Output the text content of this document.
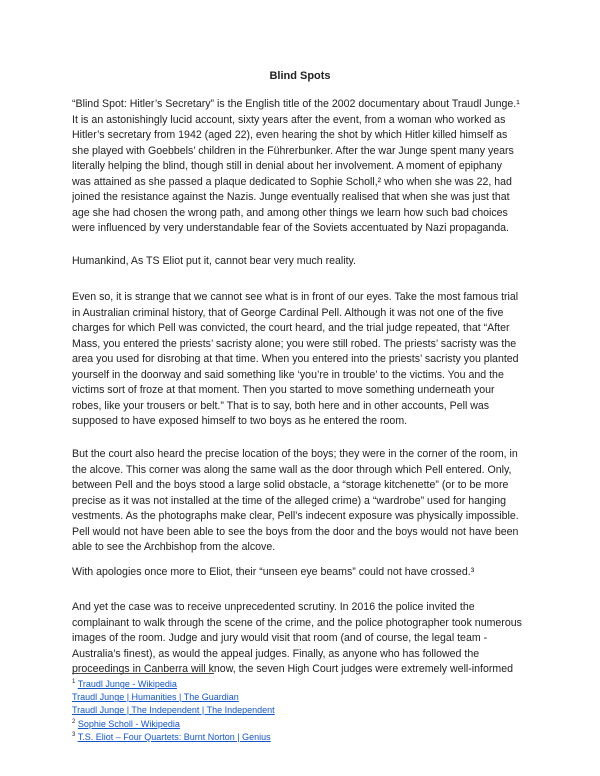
Blind Spots
“Blind Spot: Hitler’s Secretary” is the English title of the 2002 documentary about Traudl Junge.¹
It is an astonishingly lucid account, sixty years after the event, from a woman who worked as
Hitler’s secretary from 1942 (aged 22), even hearing the shot by which Hitler killed himself as
she played with Goebbels’ children in the Führerbunker. After the war Junge spent many years
literally helping the blind, though still in denial about her involvement. A moment of epiphany
was attained as she passed a plaque dedicated to Sophie Scholl,² who when she was 22, had
joined the resistance against the Nazis. Junge eventually realised that when she was just that
age she had chosen the wrong path, and among other things we learn how such bad choices
were influenced by very understandable fear of the Soviets accentuated by Nazi propaganda.
Humankind, As TS Eliot put it, cannot bear very much reality.
Even so, it is strange that we cannot see what is in front of our eyes. Take the most famous trial
in Australian criminal history, that of George Cardinal Pell. Although it was not one of the five
charges for which Pell was convicted, the court heard, and the trial judge repeated, that “After
Mass, you entered the priests’ sacristy alone; you were still robed. The priests’ sacristy was the
area you used for disrobing at that time. When you entered into the priests’ sacristy you planted
yourself in the doorway and said something like ‘you’re in trouble’ to the victims. You and the
victims sort of froze at that moment. Then you started to move something underneath your
robes, like your trousers or belt.” That is to say, both here and in other accounts, Pell was
supposed to have exposed himself to two boys as he entered the room.
But the court also heard the precise location of the boys; they were in the corner of the room, in
the alcove. This corner was along the same wall as the door through which Pell entered. Only,
between Pell and the boys stood a large solid obstacle, a “storage kitchenette” (or to be more
precise as it was not installed at the time of the alleged crime) a “wardrobe” used for hanging
vestments. As the photographs make clear, Pell’s indecent exposure was physically impossible.
Pell would not have been able to see the boys from the door and the boys would not have been
able to see the Archbishop from the alcove.
With apologies once more to Eliot, their “unseen eye beams” could not have crossed.³
And yet the case was to receive unprecedented scrutiny. In 2016 the police invited the
complainant to walk through the scene of the crime, and the police photographer took numerous
images of the room. Judge and jury would visit that room (and of course, the legal team -
Australia’s finest), as would the appeal judges. Finally, as anyone who has followed the
proceedings in Canberra will know, the seven High Court judges were extremely well-informed
$^1$ Traudl Junge - Wikipedia
Traudl Junge | Humanities | The Guardian
Traudl Junge | The Independent | The Independent
$^2$ Sophie Scholl - Wikipedia
$^3$ T.S. Eliot – Four Quartets: Burnt Norton | Genius
